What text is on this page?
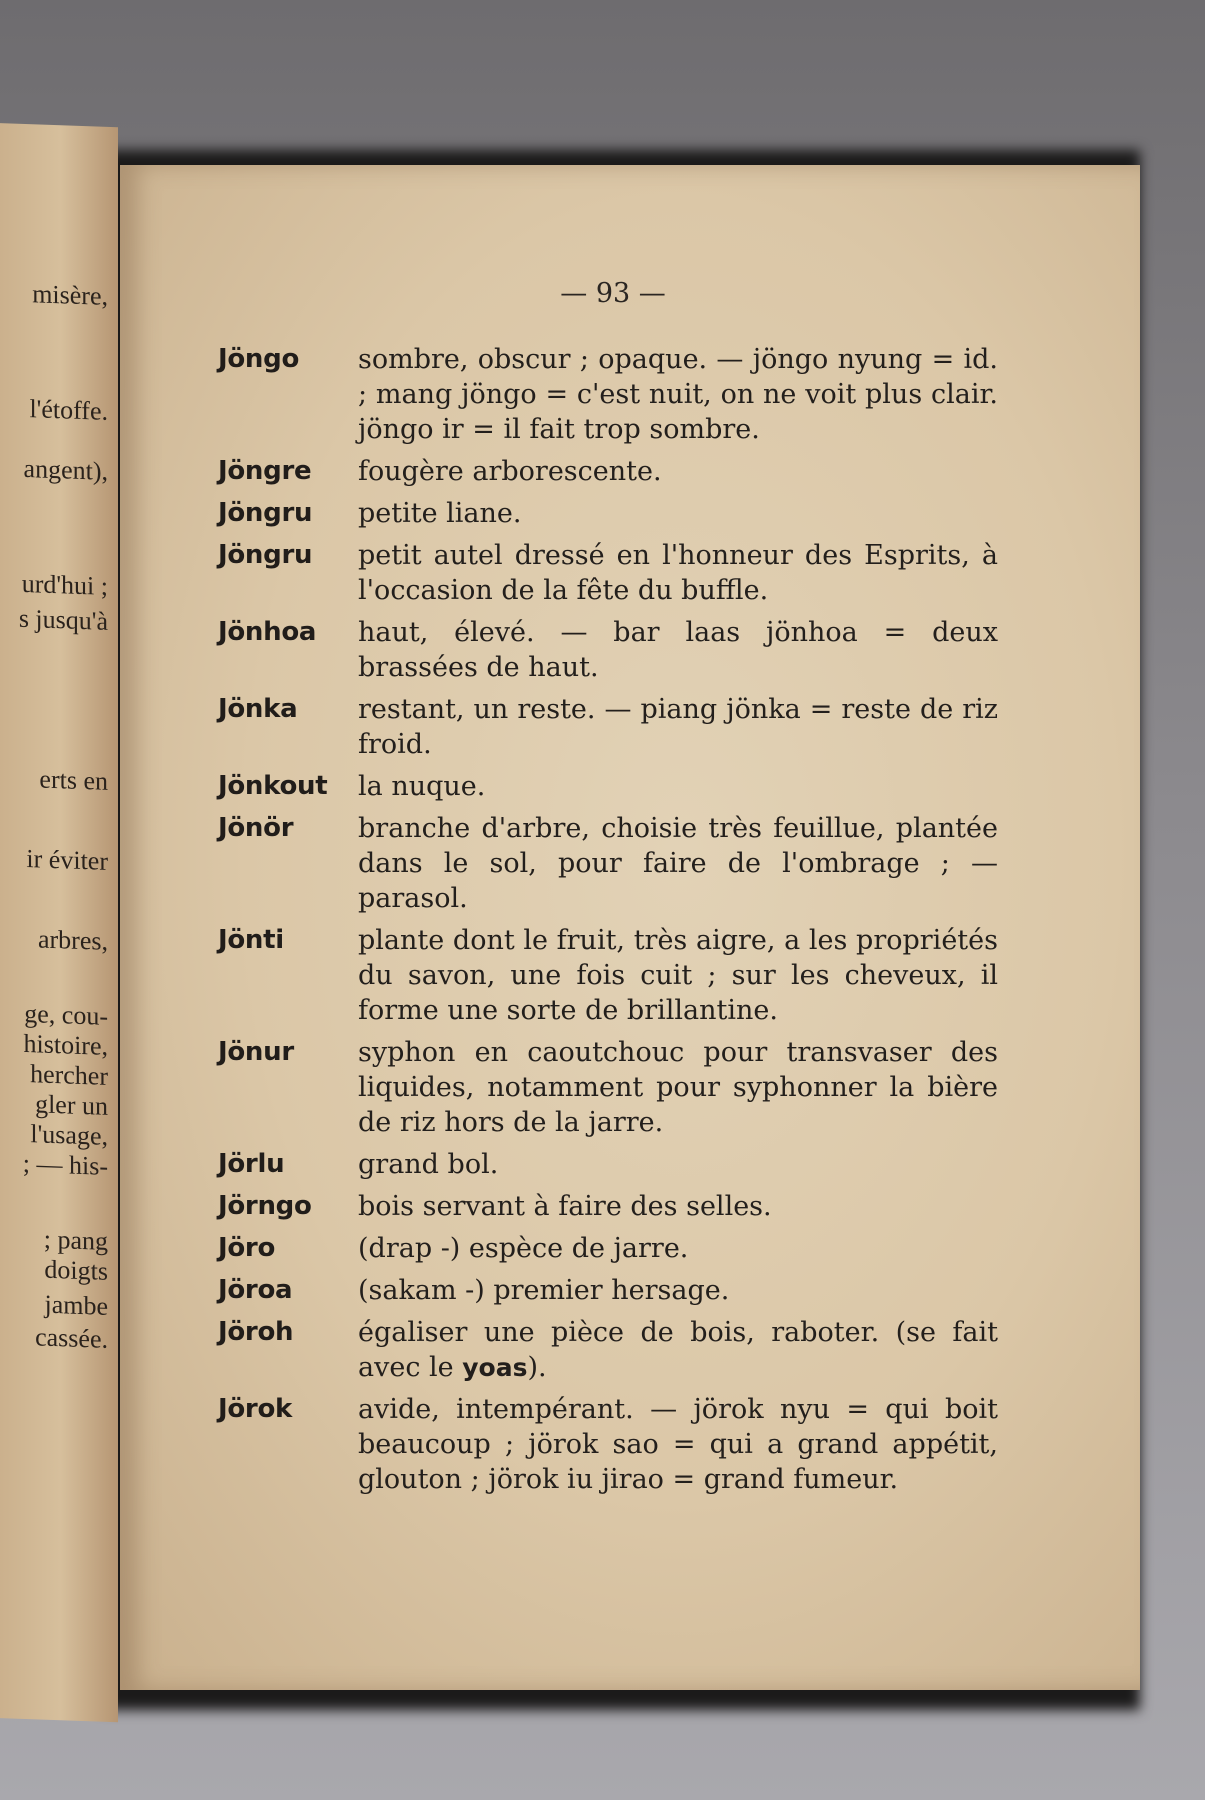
misère,
l'étoffe.
angent),
urd'hui ;
s jusqu'à
erts en
ir éviter
arbres,
ge, cou-
histoire,
hercher
gler un
l'usage,
; — his-
; pang
doigts
jambe
cassée.
— 93 —
Jöngo sombre, obscur ; opaque. — jöngo nyung = id. ; mang jöngo = c'est nuit, on ne voit plus clair. jöngo ir = il fait trop sombre.
Jöngre fougère arborescente.
Jöngru petite liane.
Jöngru petit autel dressé en l'honneur des Esprits, à l'occasion de la fête du buffle.
Jönhoa haut, élevé. — bar laas jönhoa = deux brassées de haut.
Jönka restant, un reste. — piang jönka = reste de riz froid.
Jönkout la nuque.
Jönör branche d'arbre, choisie très feuillue, plantée dans le sol, pour faire de l'ombrage ; — parasol.
Jönti	plante dont le fruit, très aigre, a les propriétés du savon, une fois cuit ; sur les cheveux, il forme une sorte de brillantine.
Jönur syphon en caoutchouc pour transvaser des liquides, notamment pour syphonner la bière de riz hors de la jarre.
Jörlu	grand bol.
Jörngo bois servant à faire des selles.
Jöro	(drap -) espèce de jarre.
Jöroa (sakam -) premier hersage.
Jöroh égaliser une pièce de bois, raboter. (se fait avec le yoas).
Jörok avide, intempérant. — jörok nyu = qui boit beaucoup ; jörok sao = qui a grand appétit, glouton ; jörok iu jirao = grand fumeur.
